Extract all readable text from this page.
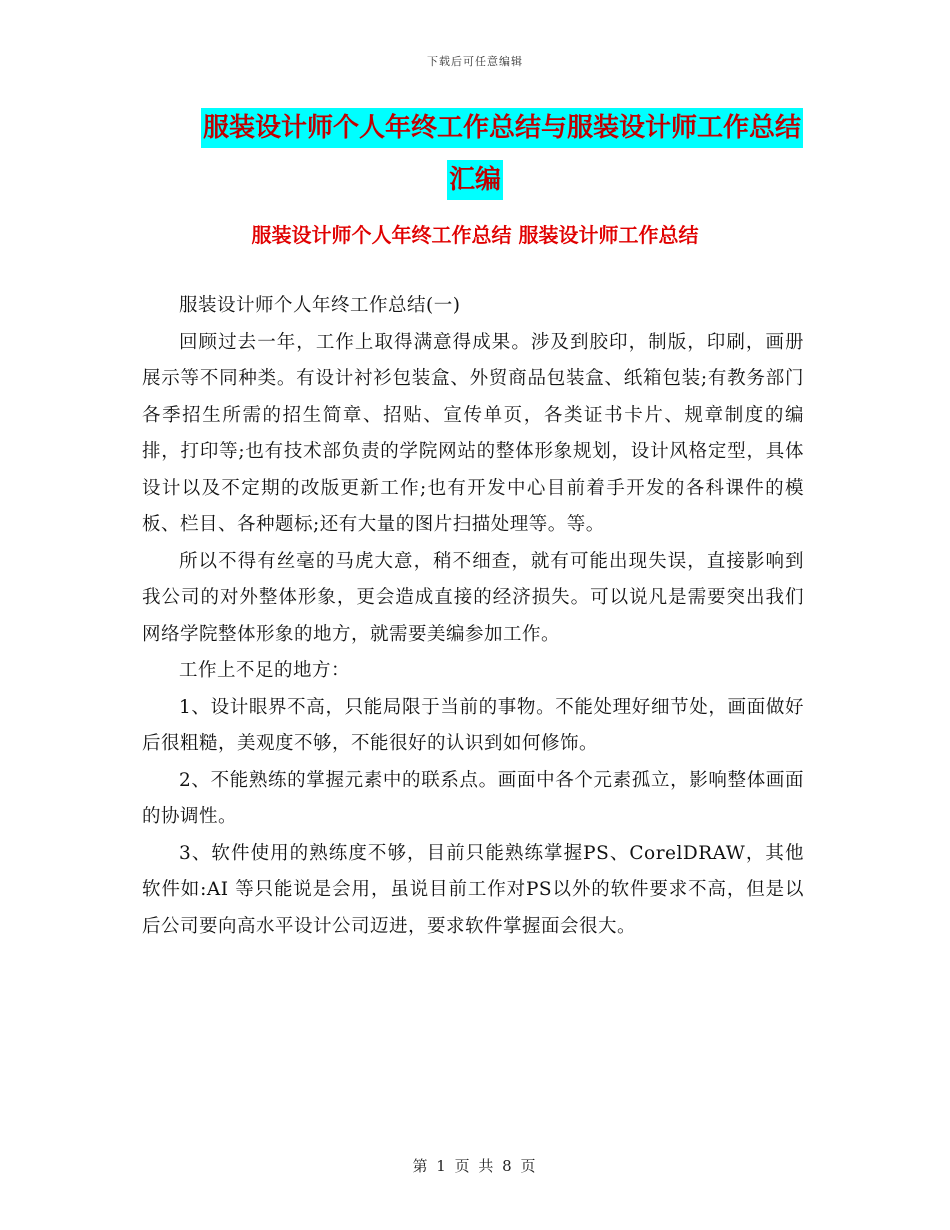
下载后可任意编辑
服装设计师个人年终工作总结与服装设计师工作总结
汇编
服装设计师个人年终工作总结 服装设计师工作总结

服装设计师个人年终工作总结(一)

回顾过去一年，工作上取得满意得成果。涉及到胶印，制版，印刷，画册展示等不同种类。有设计衬衫包装盒、外贸商品包装盒、纸箱包装;有教务部门各季招生所需的招生简章、招贴、宣传单页，各类证书卡片、规章制度的编排，打印等;也有技术部负责的学院网站的整体形象规划，设计风格定型，具体设计以及不定期的改版更新工作;也有开发中心目前着手开发的各科课件的模板、栏目、各种题标;还有大量的图片扫描处理等。等。

所以不得有丝毫的马虎大意，稍不细查，就有可能出现失误，直接影响到我公司的对外整体形象，更会造成直接的经济损失。可以说凡是需要突出我们网络学院整体形象的地方，就需要美编参加工作。

工作上不足的地方：

1、设计眼界不高，只能局限于当前的事物。不能处理好细节处，画面做好后很粗糙，美观度不够，不能很好的认识到如何修饰。

2、不能熟练的掌握元素中的联系点。画面中各个元素孤立，影响整体画面的协调性。

3、软件使用的熟练度不够，目前只能熟练掌握PS、CorelDRAW，其他软件如:AI 等只能说是会用，虽说目前工作对PS以外的软件要求不高，但是以后公司要向高水平设计公司迈进，要求软件掌握面会很大。

第 1 页 共 8 页
